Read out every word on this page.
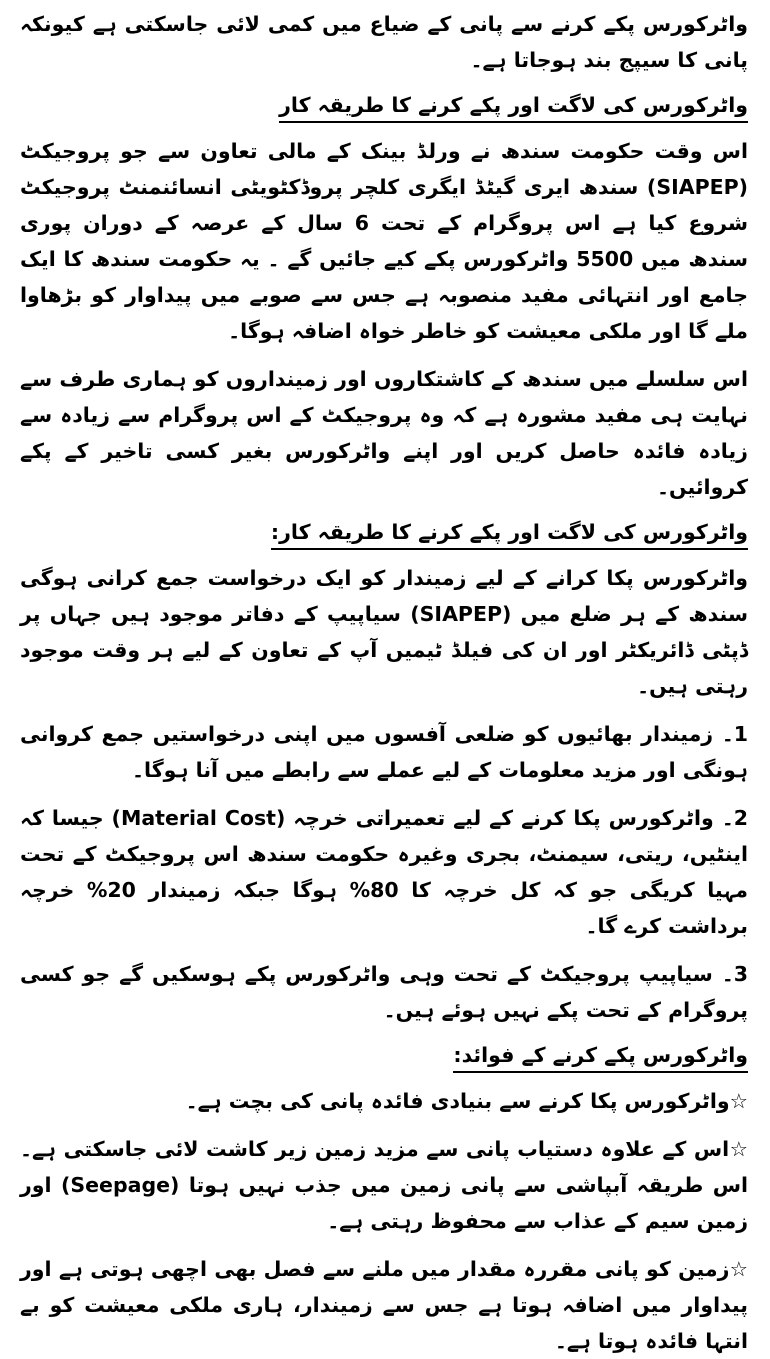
واٹرکورس پکے کرنے سے پانی کے ضیاع میں کمی لائی جاسکتی ہے کیونکہ پانی کا سیپج بند ہوجاتا ہے۔

واٹرکورس کی لاگت اور پکے کرنے کا طریقہ کار

اس وقت حکومت سندھ نے ورلڈ بینک کے مالی تعاون سے جو پروجیکٹ (SIAPEP) سندھ ایری گیٹڈ ایگری کلچر پروڈکٹویٹی انسائنمنٹ پروجیکٹ شروع کیا ہے اس پروگرام کے تحت 6 سال کے عرصہ کے دوران پوری سندھ میں 5500 واٹرکورس پکے کیے جائیں گے ۔ یہ حکومت سندھ کا ایک جامع اور انتہائی مفید منصوبہ ہے جس سے صوبے میں پیداوار کو بڑھاوا ملے گا اور ملکی معیشت کو خاطر خواہ اضافہ ہوگا۔

اس سلسلے میں سندھ کے کاشتکاروں اور زمینداروں کو ہماری طرف سے نہایت ہی مفید مشورہ ہے کہ وہ پروجیکٹ کے اس پروگرام سے زیادہ سے زیادہ فائدہ حاصل کریں اور اپنے واٹرکورس بغیر کسی تاخیر کے پکے کروائیں۔

واٹرکورس کی لاگت اور پکے کرنے کا طریقہ کار:

واٹرکورس پکا کرانے کے لیے زمیندار کو ایک درخواست جمع کرانی ہوگی سندھ کے ہر ضلع میں (SIAPEP) سیاپیپ کے دفاتر موجود ہیں جہاں پر ڈپٹی ڈائریکٹر اور ان کی فیلڈ ٹیمیں آپ کے تعاون کے لیے ہر وقت موجود رہتی ہیں۔

1۔ زمیندار بھائیوں کو ضلعی آفسوں میں اپنی درخواستیں جمع کروانی ہونگی اور مزید معلومات کے لیے عملے سے رابطے میں آنا ہوگا۔

2۔ واٹرکورس پکا کرنے کے لیے تعمیراتی خرچہ (Material Cost) جیسا کہ اینٹیں، ریتی، سیمنٹ، بجری وغیرہ حکومت سندھ اس پروجیکٹ کے تحت مہیا کریگی جو کہ کل خرچہ کا 80% ہوگا جبکہ زمیندار 20% خرچہ برداشت کرے گا۔

3۔ سیاپیپ پروجیکٹ کے تحت وہی واٹرکورس پکے ہوسکیں گے جو کسی پروگرام کے تحت پکے نہیں ہوئے ہیں۔

واٹرکورس پکے کرنے کے فوائد:

☆واٹرکورس پکا کرنے سے بنیادی فائدہ پانی کی بچت ہے۔

☆اس کے علاوہ دستیاب پانی سے مزید زمین زیر کاشت لائی جاسکتی ہے۔ اس طریقہ آبپاشی سے پانی زمین میں جذب نہیں ہوتا (Seepage) اور زمین سیم کے عذاب سے محفوظ رہتی ہے۔

☆زمین کو پانی مقررہ مقدار میں ملنے سے فصل بھی اچھی ہوتی ہے اور پیداوار میں اضافہ ہوتا ہے جس سے زمیندار، ہاری ملکی معیشت کو بے انتہا فائدہ ہوتا ہے۔
